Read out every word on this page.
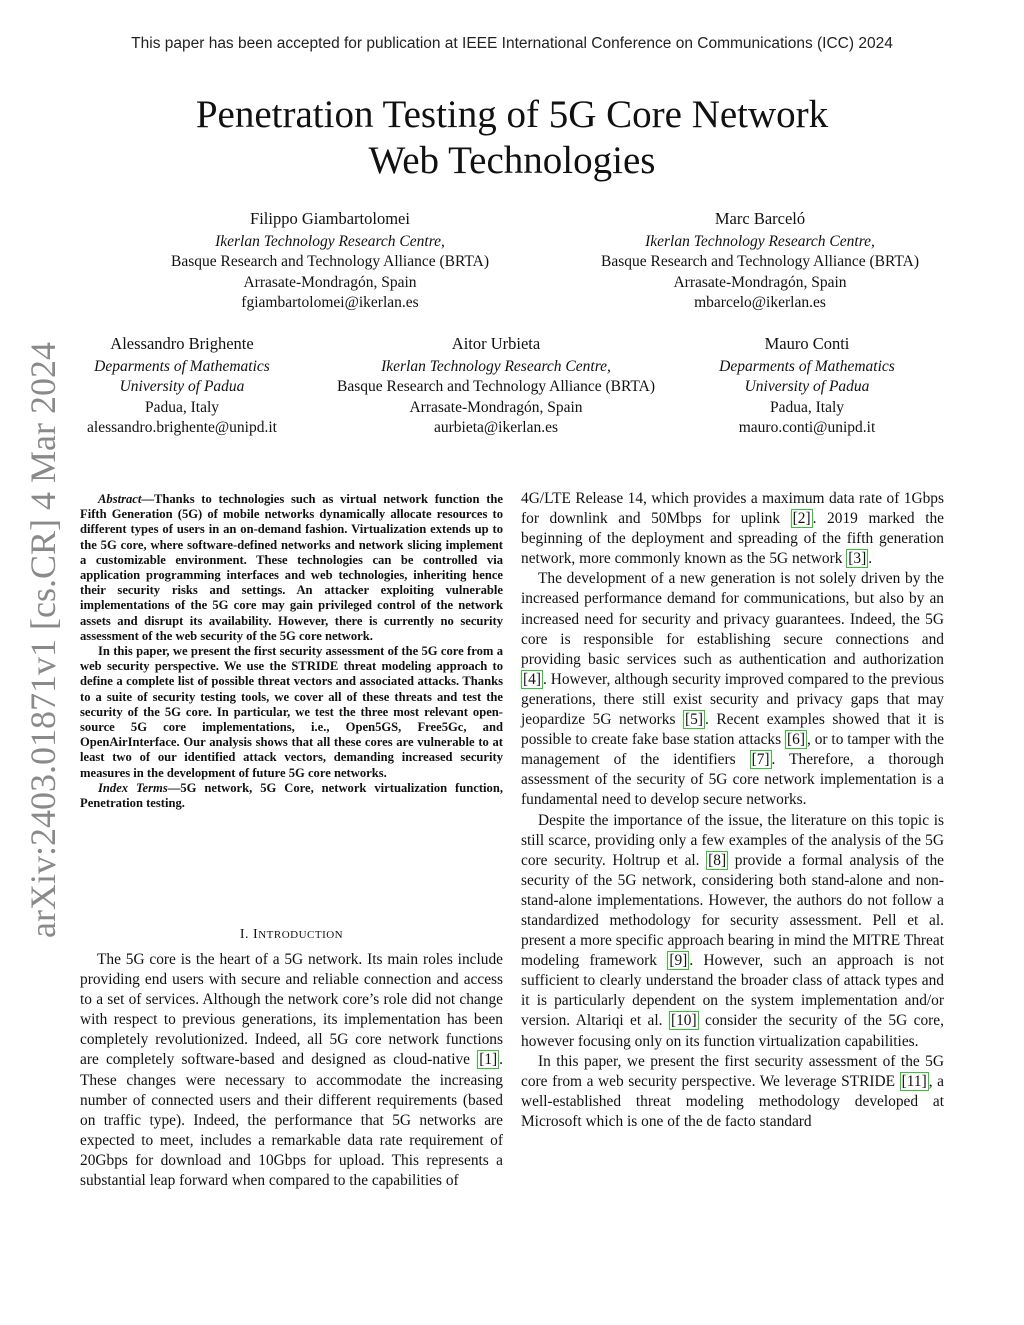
This paper has been accepted for publication at IEEE International Conference on Communications (ICC) 2024
arXiv:2403.01871v1 [cs.CR] 4 Mar 2024
Penetration Testing of 5G Core Network
Web Technologies
Filippo Giambartolomei
Ikerlan Technology Research Centre,
Basque Research and Technology Alliance (BRTA)
Arrasate-Mondragón, Spain
fgiambartolomei@ikerlan.es
Marc Barceló
Ikerlan Technology Research Centre,
Basque Research and Technology Alliance (BRTA)
Arrasate-Mondragón, Spain
mbarcelo@ikerlan.es
Alessandro Brighente
Deparments of Mathematics
University of Padua
Padua, Italy
alessandro.brighente@unipd.it
Aitor Urbieta
Ikerlan Technology Research Centre,
Basque Research and Technology Alliance (BRTA)
Arrasate-Mondragón, Spain
aurbieta@ikerlan.es
Mauro Conti
Deparments of Mathematics
University of Padua
Padua, Italy
mauro.conti@unipd.it

Abstract—Thanks to technologies such as virtual network function the Fifth Generation (5G) of mobile networks dynamically allocate resources to different types of users in an on-demand fashion. Virtualization extends up to the 5G core, where software-defined networks and network slicing implement a customizable environment. These technologies can be controlled via application programming interfaces and web technologies, inheriting hence their security risks and settings. An attacker exploiting vulnerable implementations of the 5G core may gain privileged control of the network assets and disrupt its availability. However, there is currently no security assessment of the web security of the 5G core network.

In this paper, we present the first security assessment of the 5G core from a web security perspective. We use the STRIDE threat modeling approach to define a complete list of possible threat vectors and associated attacks. Thanks to a suite of security testing tools, we cover all of these threats and test the security of the 5G core. In particular, we test the three most relevant open-source 5G core implementations, i.e., Open5GS, Free5Gc, and OpenAirInterface. Our analysis shows that all these cores are vulnerable to at least two of our identified attack vectors, demanding increased security measures in the development of future 5G core networks.

Index Terms—5G network, 5G Core, network virtualization function, Penetration testing.

I. INTRODUCTION

The 5G core is the heart of a 5G network. Its main roles include providing end users with secure and reliable connection and access to a set of services. Although the network core’s role did not change with respect to previous generations, its implementation has been completely revolutionized. Indeed, all 5G core network functions are completely software-based and designed as cloud-native [1] . These changes were necessary to accommodate the increasing number of connected users and their different requirements (based on traffic type). Indeed, the performance that 5G networks are expected to meet, includes a remarkable data rate requirement of 20Gbps for download and 10Gbps for upload. This represents a substantial leap forward when compared to the capabilities of

4G/LTE Release 14, which provides a maximum data rate of 1Gbps for downlink and 50Mbps for uplink [2] . 2019 marked the beginning of the deployment and spreading of the fifth generation network, more commonly known as the 5G network [3] .

The development of a new generation is not solely driven by the increased performance demand for communications, but also by an increased need for security and privacy guarantees. Indeed, the 5G core is responsible for establishing secure connections and providing basic services such as authentication and authorization [4] . However, although security improved compared to the previous generations, there still exist security and privacy gaps that may jeopardize 5G networks [5] . Recent examples showed that it is possible to create fake base station attacks [6] , or to tamper with the management of the identifiers [7] . Therefore, a thorough assessment of the security of 5G core network implementation is a fundamental need to develop secure networks.

Despite the importance of the issue, the literature on this topic is still scarce, providing only a few examples of the analysis of the 5G core security. Holtrup et al. [8] provide a formal analysis of the security of the 5G network, considering both stand-alone and non-stand-alone implementations. However, the authors do not follow a standardized methodology for security assessment. Pell et al. present a more specific approach bearing in mind the MITRE Threat modeling framework [9] . However, such an approach is not sufficient to clearly understand the broader class of attack types and it is particularly dependent on the system implementation and/or version. Altariqi et al. [10] consider the security of the 5G core, however focusing only on its function virtualization capabilities.

In this paper, we present the first security assessment of the 5G core from a web security perspective. We leverage STRIDE [11] , a well-established threat modeling methodology developed at Microsoft which is one of the de facto standard
